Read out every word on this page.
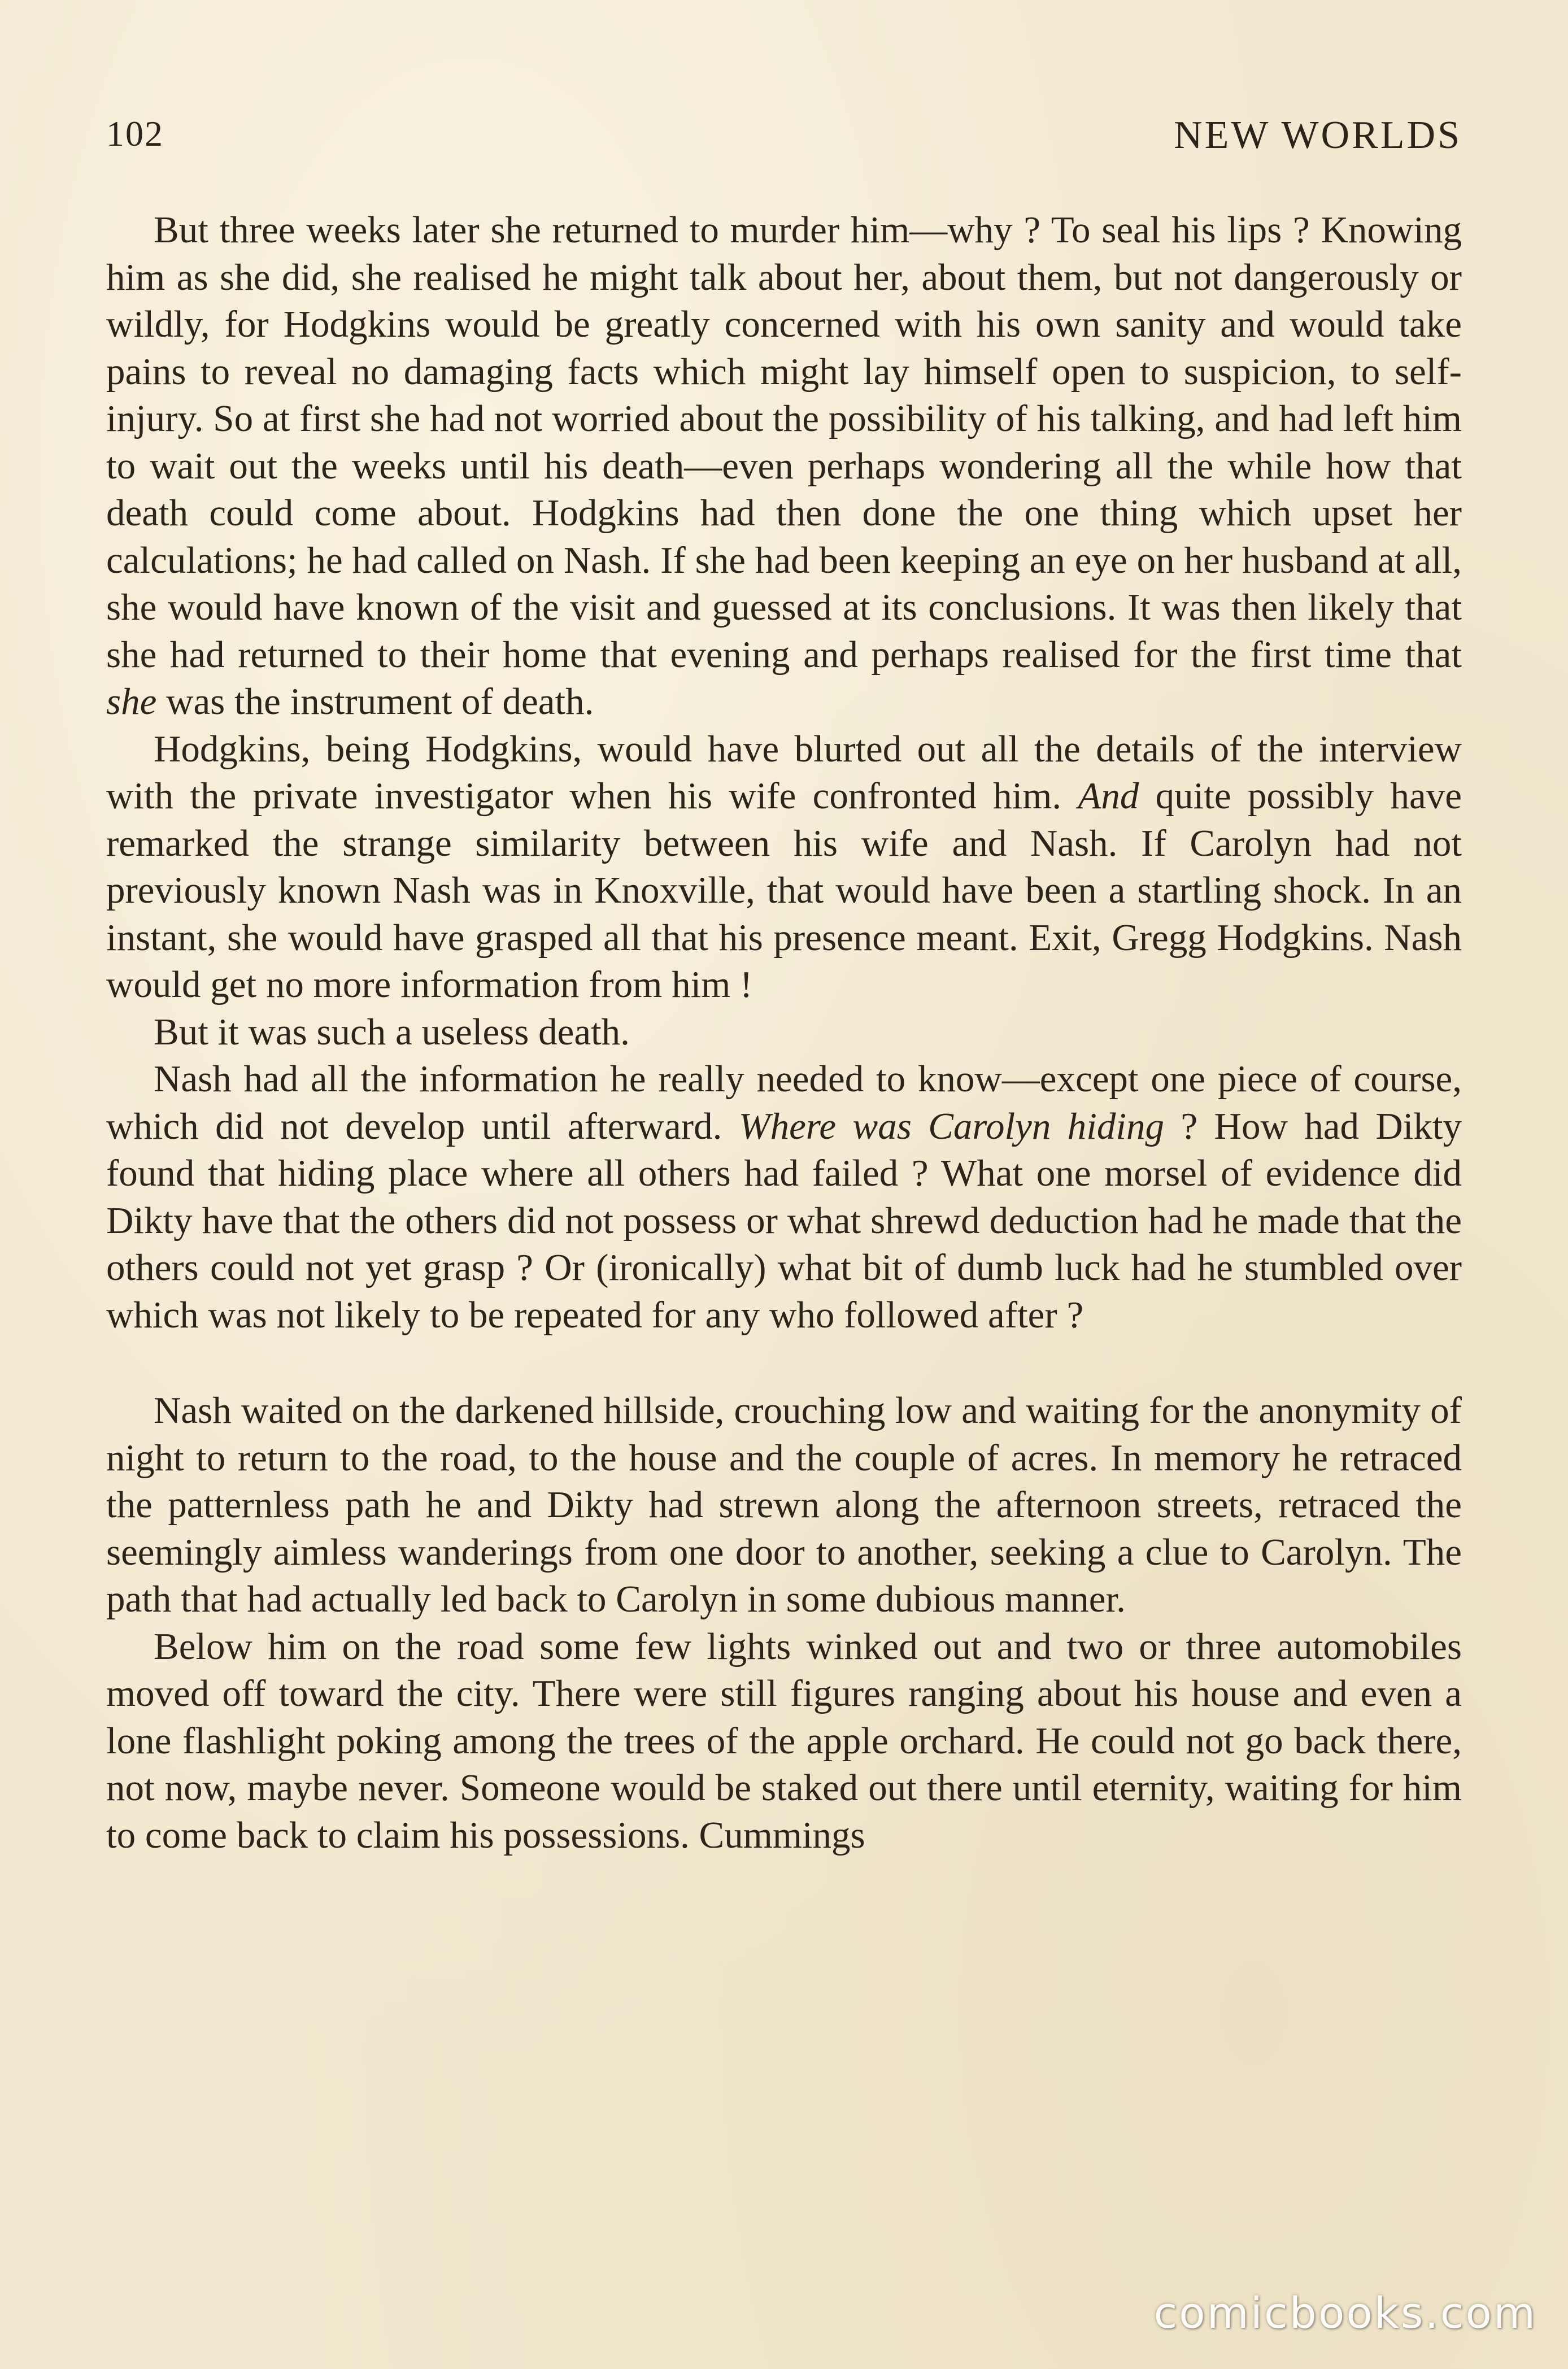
102	NEW WORLDS

But three weeks later she returned to murder him—why ? To seal his lips ? Knowing him as she did, she realised he might talk about her, about them, but not dangerously or wildly, for Hodgkins would be greatly concerned with his own sanity and would take pains to reveal no damaging facts which might lay himself open to suspicion, to self-injury. So at first she had not worried about the possibility of his talking, and had left him to wait out the weeks until his death—even perhaps wondering all the while how that death could come about. Hodgkins had then done the one thing which upset her calculations; he had called on Nash. If she had been keeping an eye on her husband at all, she would have known of the visit and guessed at its conclusions. It was then likely that she had returned to their home that evening and perhaps realised for the first time that she was the instrument of death.

Hodgkins, being Hodgkins, would have blurted out all the details of the interview with the private investigator when his wife confronted him. And quite possibly have remarked the strange similarity between his wife and Nash. If Carolyn had not previously known Nash was in Knoxville, that would have been a startling shock. In an instant, she would have grasped all that his presence meant. Exit, Gregg Hodgkins. Nash would get no more information from him !

But it was such a useless death.

Nash had all the information he really needed to know—except one piece of course, which did not develop until afterward. Where was Carolyn hiding ? How had Dikty found that hiding place where all others had failed ? What one morsel of evidence did Dikty have that the others did not possess or what shrewd deduction had he made that the others could not yet grasp ? Or (ironically) what bit of dumb luck had he stumbled over which was not likely to be repeated for any who followed after ?

Nash waited on the darkened hillside, crouching low and waiting for the anonymity of night to return to the road, to the house and the couple of acres. In memory he retraced the patternless path he and Dikty had strewn along the afternoon streets, retraced the seemingly aimless wanderings from one door to another, seeking a clue to Carolyn. The path that had actually led back to Carolyn in some dubious manner.

Below him on the road some few lights winked out and two or three automobiles moved off toward the city. There were still figures ranging about his house and even a lone flashlight poking among the trees of the apple orchard. He could not go back there, not now, maybe never. Someone would be staked out there until eternity, waiting for him to come back to claim his possessions. Cummings

comicbooks.com
